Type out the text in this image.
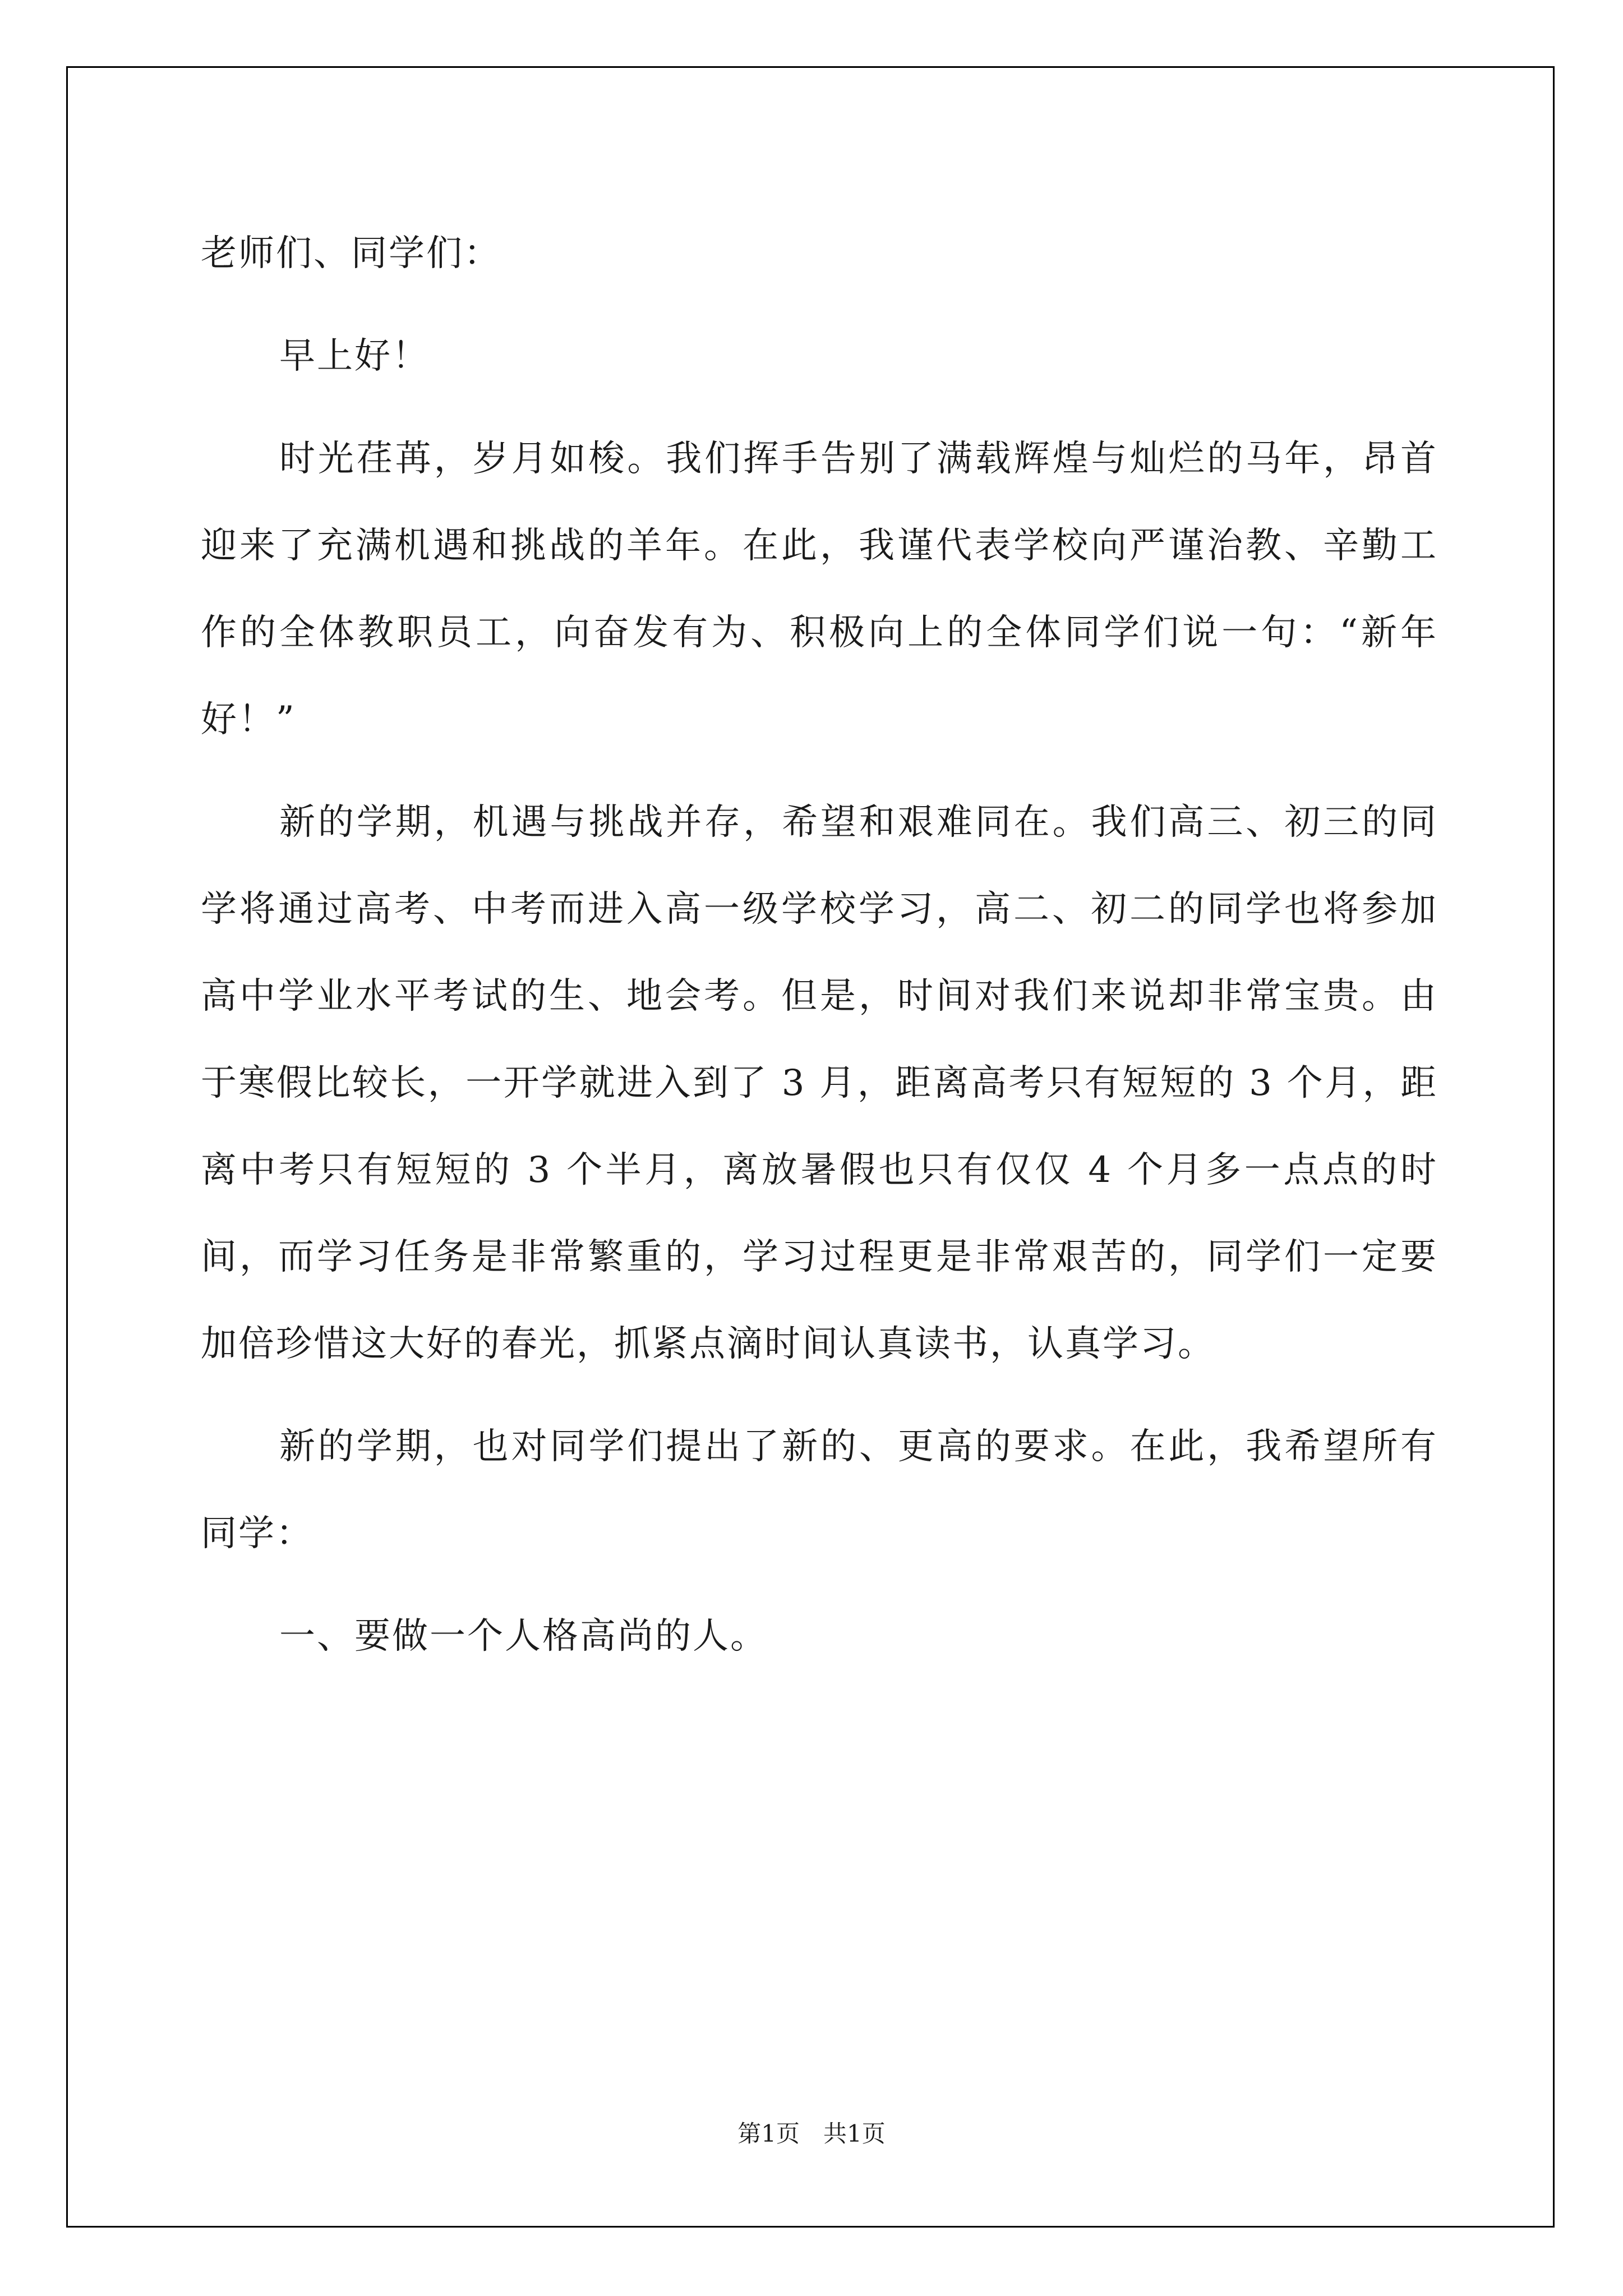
老师们、同学们：

早上好！

时光荏苒，岁月如梭。我们挥手告别了满载辉煌与灿烂的马年，昂首迎来了充满机遇和挑战的羊年。在此，我谨代表学校向严谨治教、辛勤工作的全体教职员工，向奋发有为、积极向上的全体同学们说一句：“新年好！”

新的学期，机遇与挑战并存，希望和艰难同在。我们高三、初三的同学将通过高考、中考而进入高一级学校学习，高二、初二的同学也将参加高中学业水平考试的生、地会考。但是，时间对我们来说却非常宝贵。由于寒假比较长，一开学就进入到了 3 月，距离高考只有短短的 3 个月，距离中考只有短短的 3 个半月，离放暑假也只有仅仅 4 个月多一点点的时间，而学习任务是非常繁重的，学习过程更是非常艰苦的，同学们一定要加倍珍惜这大好的春光，抓紧点滴时间认真读书，认真学习。

新的学期，也对同学们提出了新的、更高的要求。在此，我希望所有同学：

一、要做一个人格高尚的人。

第1页　共1页
